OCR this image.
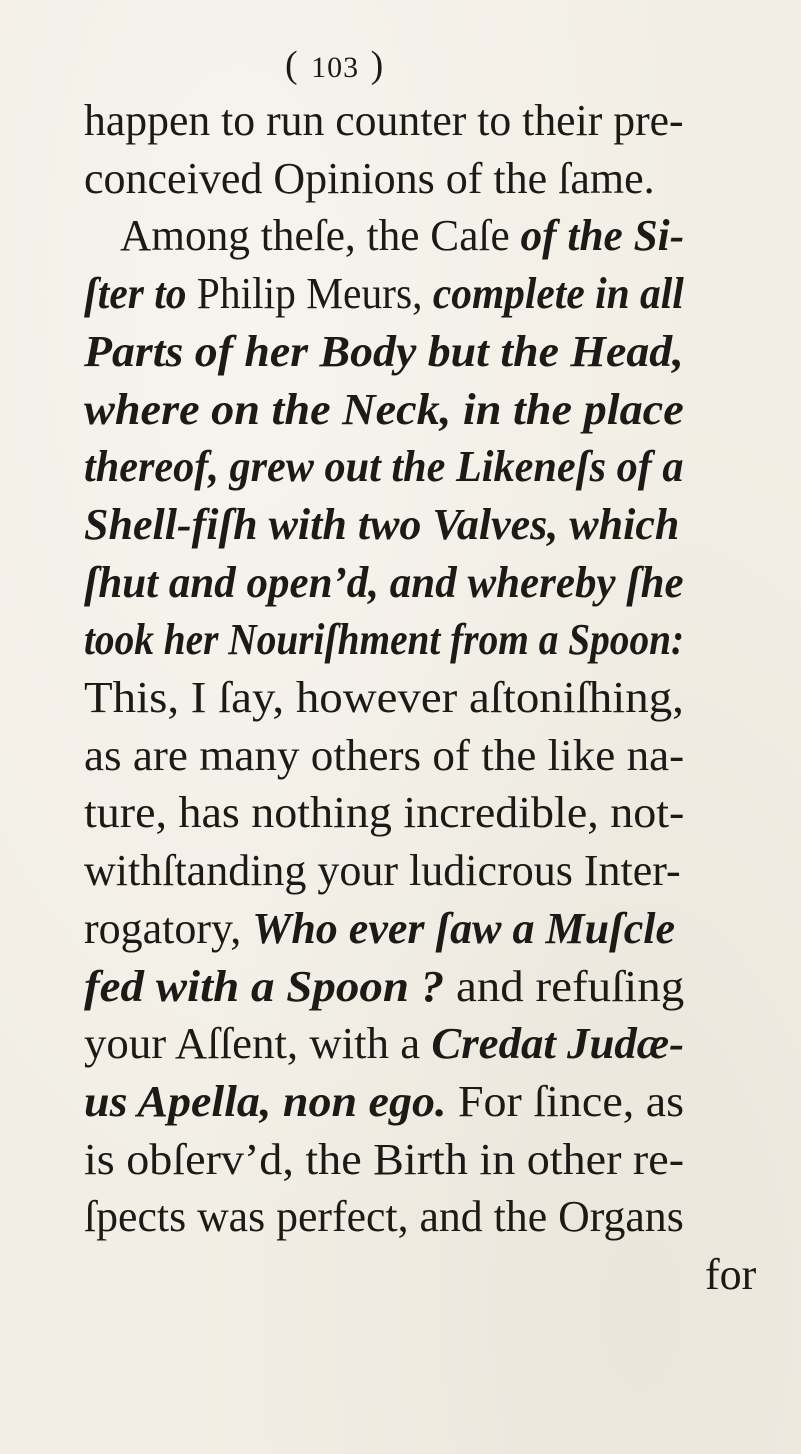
( 103 )
happen to run counter to their pre-
conceived Opinions of the ſame.
Among theſe, the Caſe of the Si-
ſter to Philip Meurs, complete in all
Parts of her Body but the Head,
where on the Neck, in the place
thereof, grew out the Likeneſs of a
Shell-fiſh with two Valves, which
ſhut and open’d, and whereby ſhe
took her Nouriſhment from a Spoon:
This, I ſay, however aſtoniſhing,
as are many others of the like na-
ture, has nothing incredible, not-
withſtanding your ludicrous Inter-
rogatory, Who ever ſaw a Muſcle
fed with a Spoon ? and refuſing
your Aſſent, with a Credat Judæ-
us Apella, non ego. For ſince, as
is obſerv’d, the Birth in other re-
ſpects was perfect, and the Organs
for
